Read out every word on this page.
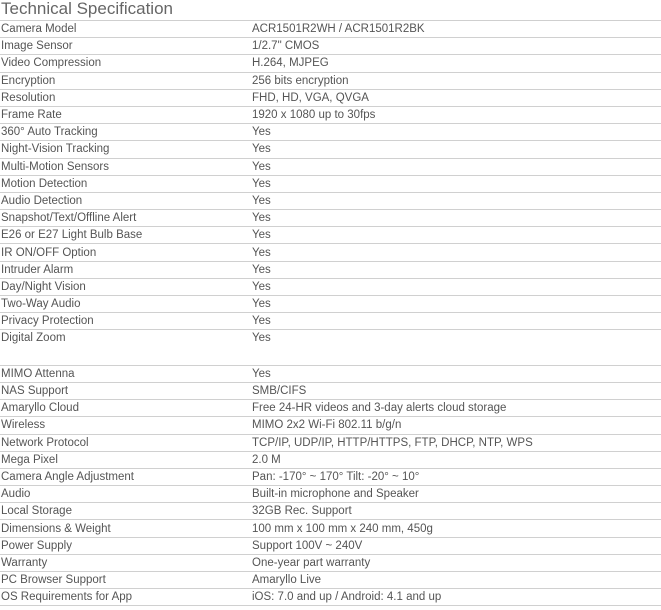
Technical Specification
Camera Model	ACR1501R2WH / ACR1501R2BK
Image Sensor	1/2.7" CMOS
Video Compression	H.264, MJPEG
Encryption	256 bits encryption
Resolution	FHD, HD, VGA, QVGA
Frame Rate	1920 x 1080 up to 30fps
360° Auto Tracking	Yes
Night-Vision Tracking	Yes
Multi-Motion Sensors	Yes
Motion Detection	Yes
Audio Detection	Yes
Snapshot/Text/Offline Alert	Yes
E26 or E27 Light Bulb Base	Yes
IR ON/OFF Option	Yes
Intruder Alarm	Yes
Day/Night Vision	Yes
Two-Way Audio	Yes
Privacy Protection	Yes
Digital Zoom	Yes
MIMO Attenna	Yes
NAS Support	SMB/CIFS
Amaryllo Cloud	Free 24-HR videos and 3-day alerts cloud storage
Wireless	MIMO 2x2 Wi-Fi 802.11 b/g/n
Network Protocol	TCP/IP, UDP/IP, HTTP/HTTPS, FTP, DHCP, NTP, WPS
Mega Pixel	2.0 M
Camera Angle Adjustment	Pan: -170° ~ 170° Tilt: -20° ~ 10°
Audio	Built-in microphone and Speaker
Local Storage	32GB Rec. Support
Dimensions & Weight	100 mm x 100 mm x 240 mm, 450g
Power Supply	Support 100V ~ 240V
Warranty	One-year part warranty
PC Browser Support	Amaryllo Live
OS Requirements for App	iOS: 7.0 and up / Android: 4.1 and up
